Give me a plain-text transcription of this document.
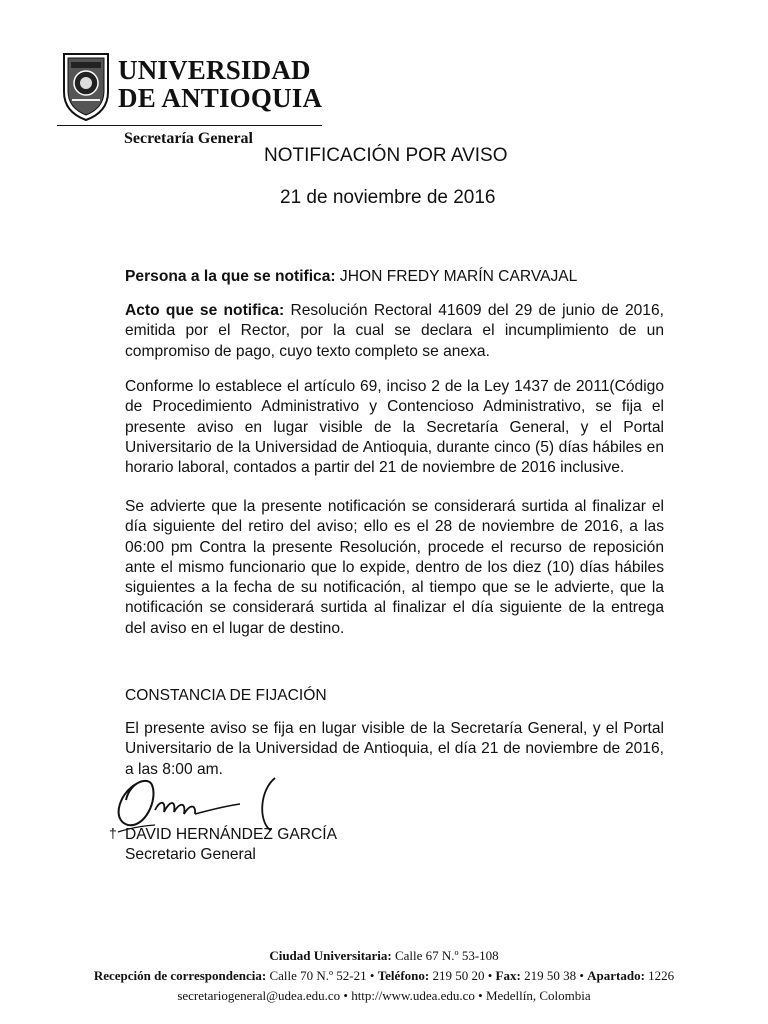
UNIVERSIDAD
DE ANTIOQUIA
Secretaría General
NOTIFICACIÓN POR AVISO
21 de noviembre de 2016
Persona a la que se notifica: JHON FREDY MARÍN CARVAJAL
Acto que se notifica: Resolución Rectoral 41609 del 29 de junio de 2016, emitida por el Rector, por la cual se declara el incumplimiento de un compromiso de pago, cuyo texto completo se anexa.
Conforme lo establece el artículo 69, inciso 2 de la Ley 1437 de 2011(Código de Procedimiento Administrativo y Contencioso Administrativo, se fija el presente aviso en lugar visible de la Secretaría General, y el Portal Universitario de la Universidad de Antioquia, durante cinco (5) días hábiles en horario laboral, contados a partir del 21 de noviembre de 2016 inclusive.
Se advierte que la presente notificación se considerará surtida al finalizar el día siguiente del retiro del aviso; ello es el 28 de noviembre de 2016, a las 06:00 pm Contra la presente Resolución, procede el recurso de reposición ante el mismo funcionario que lo expide, dentro de los diez (10) días hábiles siguientes a la fecha de su notificación, al tiempo que se le advierte, que la notificación se considerará surtida al finalizar el día siguiente de la entrega del aviso en el lugar de destino.
CONSTANCIA DE FIJACIÓN
El presente aviso se fija en lugar visible de la Secretaría General, y el Portal Universitario de la Universidad de Antioquia, el día 21 de noviembre de 2016, a las 8:00 am.
† DAVID HERNÁNDEZ GARCÍA
Secretario General
Ciudad Universitaria: Calle 67 N.º 53-108
Recepción de correspondencia: Calle 70 N.º 52-21 • Teléfono: 219 50 20 • Fax: 219 50 38 • Apartado: 1226
secretariogeneral@udea.edu.co • http://www.udea.edu.co • Medellín, Colombia
